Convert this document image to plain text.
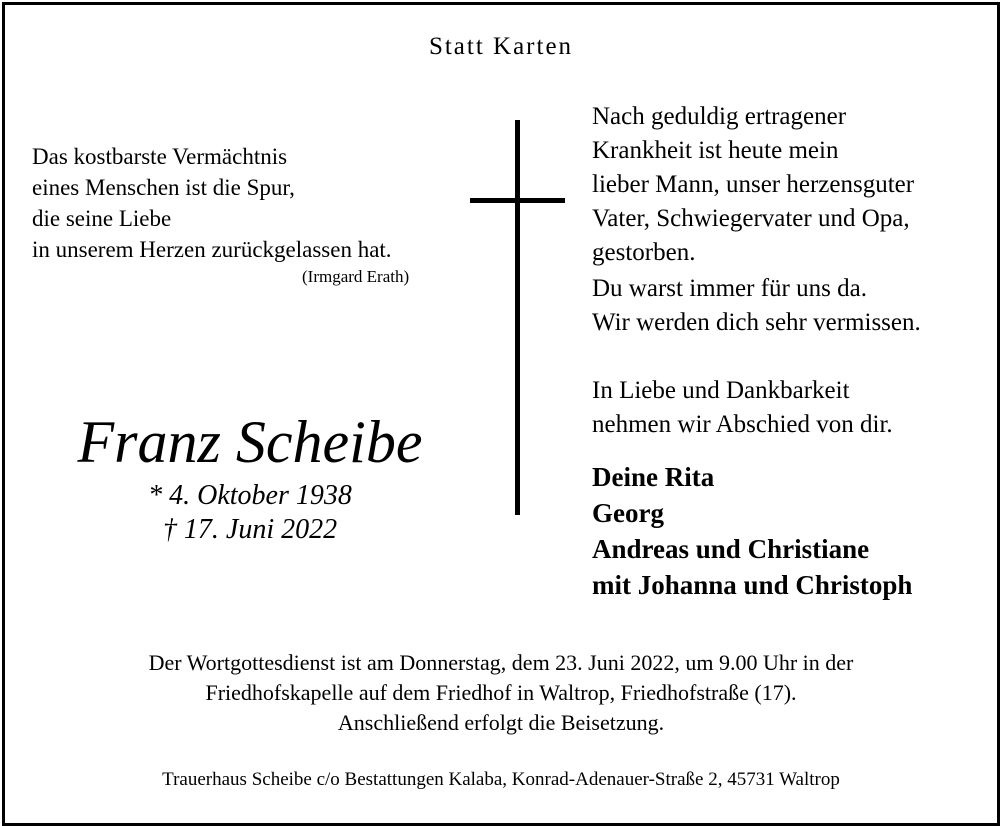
Statt Karten
Das kostbarste Vermächtnis
eines Menschen ist die Spur,
die seine Liebe
in unserem Herzen zurückgelassen hat.
(Irmgard Erath)
Franz Scheibe
* 4. Oktober 1938
† 17. Juni 2022
Nach geduldig ertragener
Krankheit ist heute mein
lieber Mann, unser herzensguter
Vater, Schwiegervater und Opa,
gestorben.
Du warst immer für uns da.
Wir werden dich sehr vermissen.
In Liebe und Dankbarkeit
nehmen wir Abschied von dir.
Deine Rita
Georg
Andreas und Christiane
mit Johanna und Christoph
Der Wortgottesdienst ist am Donnerstag, dem 23. Juni 2022, um 9.00 Uhr in der
Friedhofskapelle auf dem Friedhof in Waltrop, Friedhofstraße (17).
Anschließend erfolgt die Beisetzung.
Trauerhaus Scheibe c/o Bestattungen Kalaba, Konrad-Adenauer-Straße 2, 45731 Waltrop
